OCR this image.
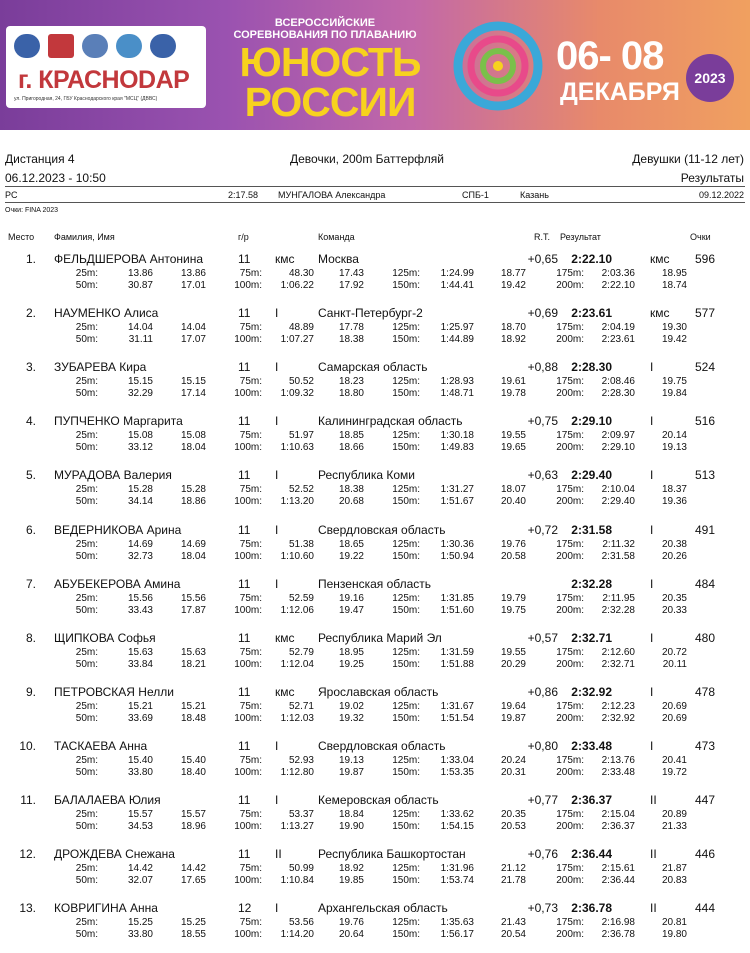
г. КРАСНОDАР
ул. Пригородная, 24, ГБУ Краснодарского края "МСЦ" (ДВВС)
ВСЕРОССИЙСКИЕ СОРЕВНОВАНИЯ ПО ПЛАВАНИЮ
ЮНОСТЬ
РОССИИ
06- 08
ДЕКАБРЯ	2023
Дистанция 4	Девочки, 200m Баттерфляй	Девушки (11-12 лет)
06.12.2023 - 10:50	Результаты
PC	2:17.58 МУНГАЛОВА Александра	СПБ-1	Казань	09.12.2022
Очки: FINA 2023
Место Фамилия, Имя	г/р	Команда	R.T. Результат	Очки
1. ФЕЛЬДШЕРОВА Антонина	11 кмс Москва	+0,65 2:22.10	кмс 596
25m:	13.86	13.86	75m:	48.30 17.43	125m: 1:24.99	18.77	175m: 2:03.36	18.95
50m:	30.87	17.01	100m: 1:06.22 17.92	150m: 1:44.41	19.42	200m: 2:22.10	18.74
2. НАУМЕНКО Алиса	11 I	Санкт-Петербург-2	+0,69 2:23.61	кмс 577
25m:	14.04	14.04	75m:	48.89 17.78	125m: 1:25.97	18.70	175m: 2:04.19	19.30
50m:	31.11	17.07	100m: 1:07.27 18.38	150m: 1:44.89	18.92	200m: 2:23.61	19.42
3. ЗУБАРЕВА Кира	11 I	Самарская область	+0,88 2:28.30	I	524
25m:	15.15	15.15	75m:	50.52 18.23	125m: 1:28.93	19.61	175m: 2:08.46	19.75
50m:	32.29	17.14	100m: 1:09.32 18.80	150m: 1:48.71	19.78	200m: 2:28.30	19.84
4. ПУПЧЕНКО Маргарита	11 I	Калининградская область	+0,75 2:29.10	I	516
25m:	15.08	15.08	75m:	51.97 18.85	125m: 1:30.18	19.55	175m: 2:09.97	20.14
50m:	33.12	18.04	100m: 1:10.63 18.66	150m: 1:49.83	19.65	200m: 2:29.10	19.13
5. МУРАДОВА Валерия	11 I	Республика Коми	+0,63 2:29.40	I	513
25m:	15.28	15.28	75m:	52.52 18.38	125m: 1:31.27	18.07	175m: 2:10.04	18.37
50m:	34.14	18.86	100m: 1:13.20 20.68	150m: 1:51.67	20.40	200m: 2:29.40	19.36
6. ВЕДЕРНИКОВА Арина	11 I	Свердловская область	+0,72 2:31.58	I	491
25m:	14.69	14.69	75m:	51.38 18.65	125m: 1:30.36	19.76	175m: 2:11.32	20.38
50m:	32.73	18.04	100m: 1:10.60 19.22	150m: 1:50.94	20.58	200m: 2:31.58	20.26
7. АБУБЕКЕРОВА Амина	11 I	Пензенская область	2:32.28	I	484
25m:	15.56	15.56	75m:	52.59 19.16	125m: 1:31.85	19.79	175m: 2:11.95	20.35
50m:	33.43	17.87	100m: 1:12.06 19.47	150m: 1:51.60	19.75	200m: 2:32.28	20.33
8. ЩИПКОВА Софья	11 кмс Республика Марий Эл	+0,57 2:32.71	I	480
25m:	15.63	15.63	75m:	52.79 18.95	125m: 1:31.59	19.55	175m: 2:12.60	20.72
50m:	33.84	18.21	100m: 1:12.04 19.25	150m: 1:51.88	20.29	200m: 2:32.71	20.11
9. ПЕТРОВСКАЯ Нелли	11 кмс Ярославская область	+0,86 2:32.92	I	478
25m:	15.21	15.21	75m:	52.71 19.02	125m: 1:31.67	19.64	175m: 2:12.23	20.69
50m:	33.69	18.48	100m: 1:12.03 19.32	150m: 1:51.54	19.87	200m: 2:32.92	20.69
10. ТАСКАЕВА Анна	11 I	Свердловская область	+0,80 2:33.48	I	473
25m:	15.40	15.40	75m:	52.93 19.13	125m: 1:33.04	20.24	175m: 2:13.76	20.41
50m:	33.80	18.40	100m: 1:12.80 19.87	150m: 1:53.35	20.31	200m: 2:33.48	19.72
11. БАЛАЛАЕВА Юлия	11 I	Кемеровская область	+0,77 2:36.37	II	447
25m:	15.57	15.57	75m:	53.37 18.84	125m: 1:33.62	20.35	175m: 2:15.04	20.89
50m:	34.53	18.96	100m: 1:13.27 19.90	150m: 1:54.15	20.53	200m: 2:36.37	21.33
12. ДРОЖДЕВА Снежана	11 II	Республика Башкортостан	+0,76 2:36.44	II	446
25m:	14.42	14.42	75m:	50.99 18.92	125m: 1:31.96	21.12	175m: 2:15.61	21.87
50m:	32.07	17.65	100m: 1:10.84 19.85	150m: 1:53.74	21.78	200m: 2:36.44	20.83
13. КОВРИГИНА Анна	12 I	Архангельская область	+0,73 2:36.78	II	444
25m:	15.25	15.25	75m:	53.56 19.76	125m: 1:35.63	21.43	175m: 2:16.98	20.81
50m:	33.80	18.55	100m: 1:14.20 20.64	150m: 1:56.17	20.54	200m: 2:36.78	19.80
